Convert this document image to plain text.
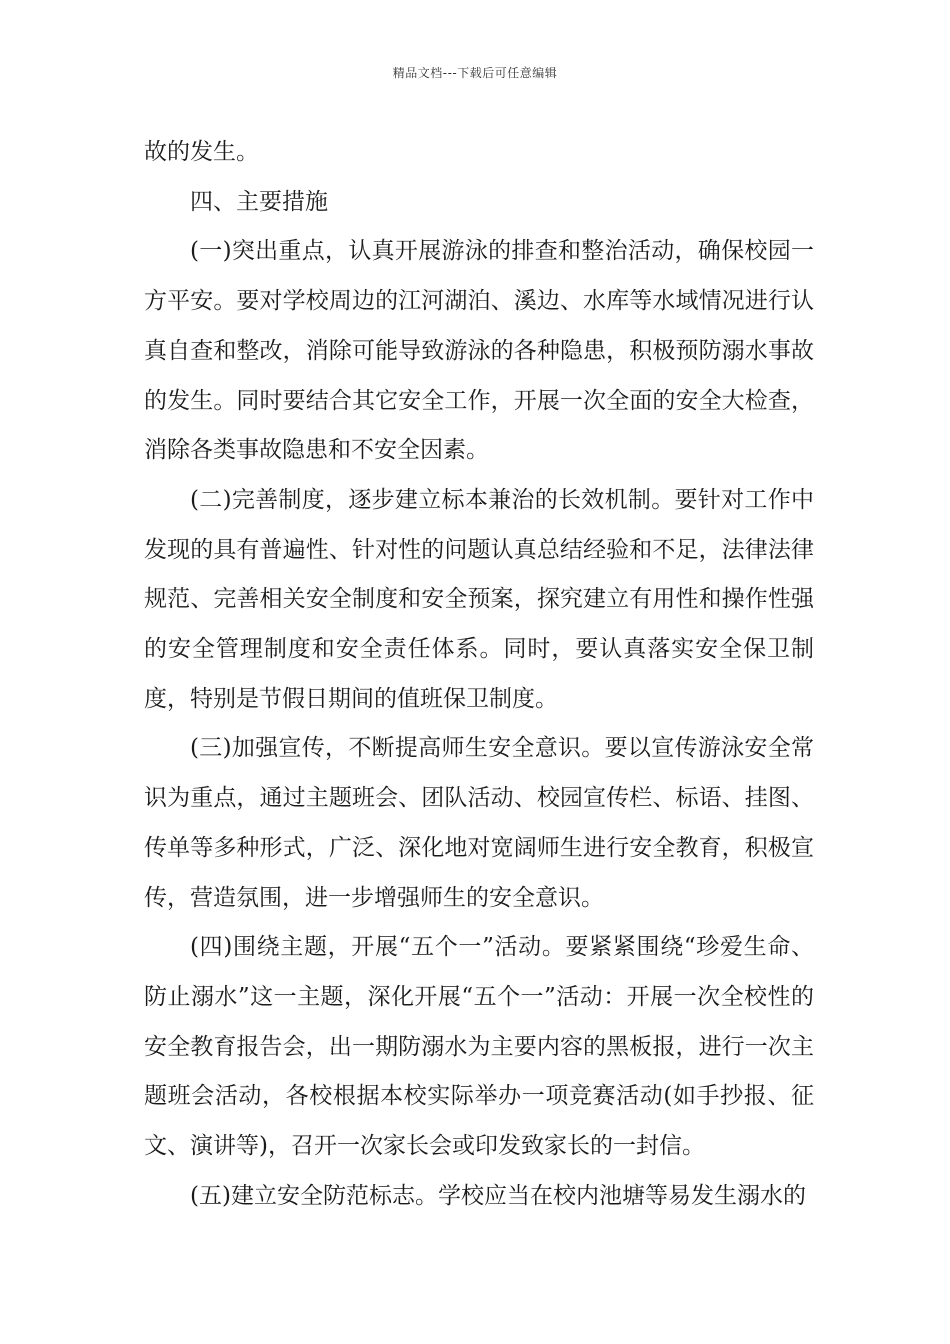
精品文档---下载后可任意编辑

故的发生。

四、主要措施

(一)突出重点，认真开展游泳的排查和整治活动，确保校园一方平安。要对学校周边的江河湖泊、溪边、水库等水域情况进行认真自查和整改，消除可能导致游泳的各种隐患，积极预防溺水事故的发生。同时要结合其它安全工作，开展一次全面的安全大检查，消除各类事故隐患和不安全因素。

(二)完善制度，逐步建立标本兼治的长效机制。要针对工作中发现的具有普遍性、针对性的问题认真总结经验和不足，法律法律规范、完善相关安全制度和安全预案，探究建立有用性和操作性强的安全管理制度和安全责任体系。同时，要认真落实安全保卫制度，特别是节假日期间的值班保卫制度。

(三)加强宣传，不断提高师生安全意识。要以宣传游泳安全常识为重点，通过主题班会、团队活动、校园宣传栏、标语、挂图、传单等多种形式，广泛、深化地对宽阔师生进行安全教育，积极宣传，营造氛围，进一步增强师生的安全意识。

(四)围绕主题，开展“五个一”活动。要紧紧围绕“珍爱生命、防止溺水”这一主题，深化开展“五个一”活动：开展一次全校性的安全教育报告会，出一期防溺水为主要内容的黑板报，进行一次主题班会活动，各校根据本校实际举办一项竞赛活动(如手抄报、征文、演讲等)，召开一次家长会或印发致家长的一封信。

(五)建立安全防范标志。学校应当在校内池塘等易发生溺水的
